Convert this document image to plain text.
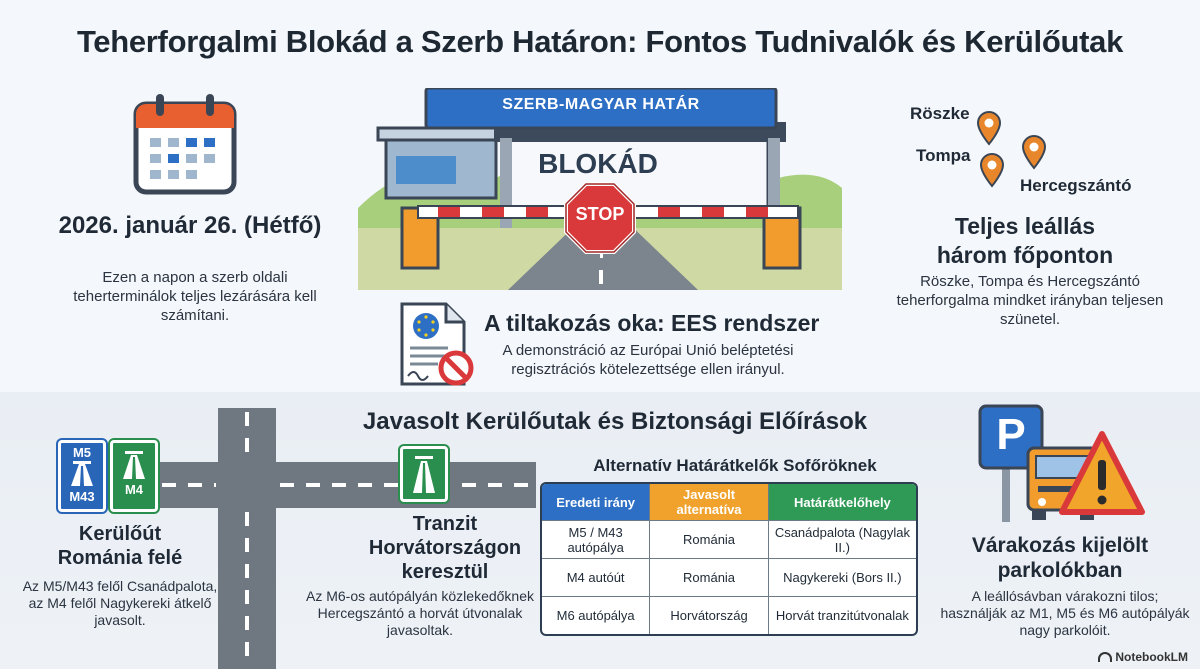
Teherforgalmi Blokád a Szerb Határon: Fontos Tudnivalók és Kerülőutak
2026. január 26. (Hétfő)
Ezen a napon a szerb oldali teherterminálok teljes lezárására kell számítani.
SZERB-MAGYAR HATÁR
BLOKÁD
STOP
A tiltakozás oka: EES rendszer
A demonstráció az Európai Unió beléptetési regisztrációs kötelezettsége ellen irányul.
Röszke
Tompa
Hercegszántó
Teljes leállás
három főponton
Röszke, Tompa és Hercegszántó teherforgalma mindket irányban teljesen szünetel.
Javasolt Kerülőutak és Biztonsági Előírások
M5
M43	M4
Kerülőút
Románia felé
Az M5/M43 felől Csanádpalota, az M4 felől Nagykereki átkelő javasolt.
Tranzit
Horvátországon
keresztül
Az M6-os autópályán közlekedőknek Hercegszántó a horvát útvonalak javasoltak.
Alternatív Határátkelők Sofőröknek
Eredeti irány	Javasolt alternatíva	Határátkelőhely
M5 / M43 autópálya	Románia	Csanádpalota (Nagylak II.)
M4 autóút	Románia	Nagykereki (Bors II.)
M6 autópálya	Horvátország	Horvát tranzitútvonalak
P
Várakozás kijelölt
parkolókban
A leállósávban várakozni tilos; használják az M1, M5 és M6 autópályák nagy parkolóit.
NotebookLM
